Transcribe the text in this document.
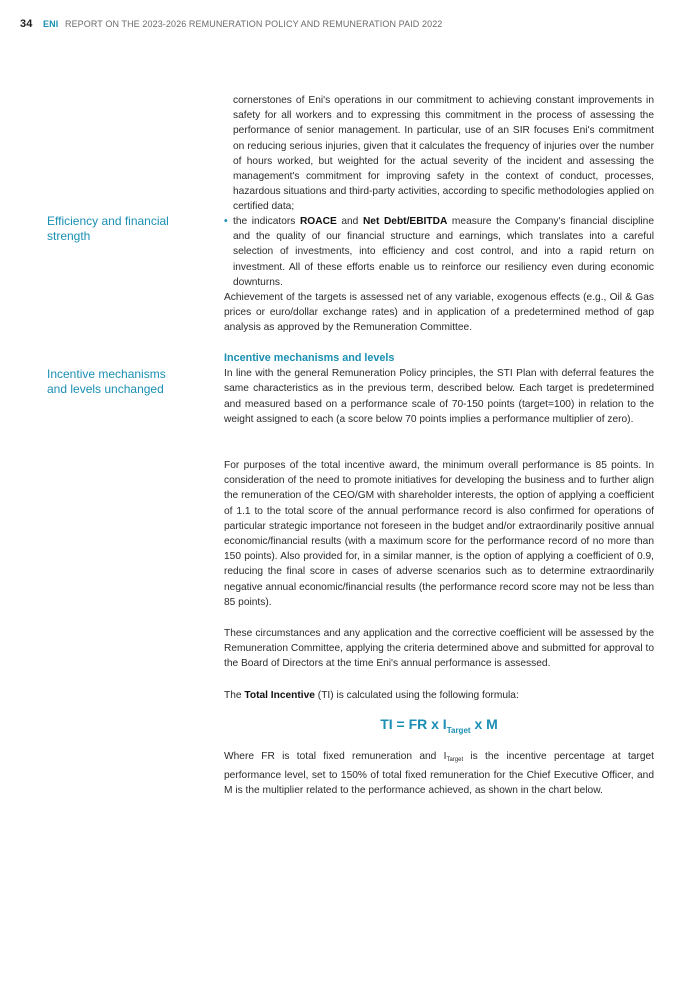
34 ENI REPORT ON THE 2023-2026 REMUNERATION POLICY AND REMUNERATION PAID 2022
cornerstones of Eni's operations in our commitment to achieving constant improvements in safety for all workers and to expressing this commitment in the process of assessing the performance of senior management. In particular, use of an SIR focuses Eni's commitment on reducing serious injuries, given that it calculates the frequency of injuries over the number of hours worked, but weighted for the actual severity of the incident and assessing the management's commitment for improving safety in the context of conduct, processes, hazardous situations and third-party activities, according to specific methodologies applied on certified data;
Efficiency and financial
strength
• the indicators ROACE and Net Debt/EBITDA measure the Company's financial discipline and the quality of our financial structure and earnings, which translates into a careful selection of investments, into efficiency and cost control, and into a rapid return on investment. All of these efforts enable us to reinforce our resiliency even during economic downturns.

Achievement of the targets is assessed net of any variable, exogenous effects (e.g., Oil & Gas prices or euro/dollar exchange rates) and in application of a predetermined method of gap analysis as approved by the Remuneration Committee.

Incentive mechanisms
and levels unchanged

Incentive mechanisms and levels

In line with the general Remuneration Policy principles, the STI Plan with deferral features the same characteristics as in the previous term, described below. Each target is predetermined and measured based on a performance scale of 70-150 points (target=100) in relation to the weight assigned to each (a score below 70 points implies a performance multiplier of zero).

For purposes of the total incentive award, the minimum overall performance is 85 points. In consideration of the need to promote initiatives for developing the business and to further align the remuneration of the CEO/GM with shareholder interests, the option of applying a coefficient of 1.1 to the total score of the annual performance record is also confirmed for operations of particular strategic importance not foreseen in the budget and/or extraordinarily positive annual economic/financial results (with a maximum score for the performance record of no more than 150 points). Also provided for, in a similar manner, is the option of applying a coefficient of 0.9, reducing the final score in cases of adverse scenarios such as to determine extraordinarily negative annual economic/financial results (the performance record score may not be less than 85 points).

These circumstances and any application and the corrective coefficient will be assessed by the Remuneration Committee, applying the criteria determined above and submitted for approval to the Board of Directors at the time Eni's annual performance is assessed.

The Total Incentive (TI) is calculated using the following formula:

TI = FR x $I_{Target}$ x M

Where FR is total fixed remuneration and ITarget is the incentive percentage at target performance level, set to 150% of total fixed remuneration for the Chief Executive Officer, and M is the multiplier related to the performance achieved, as shown in the chart below.
